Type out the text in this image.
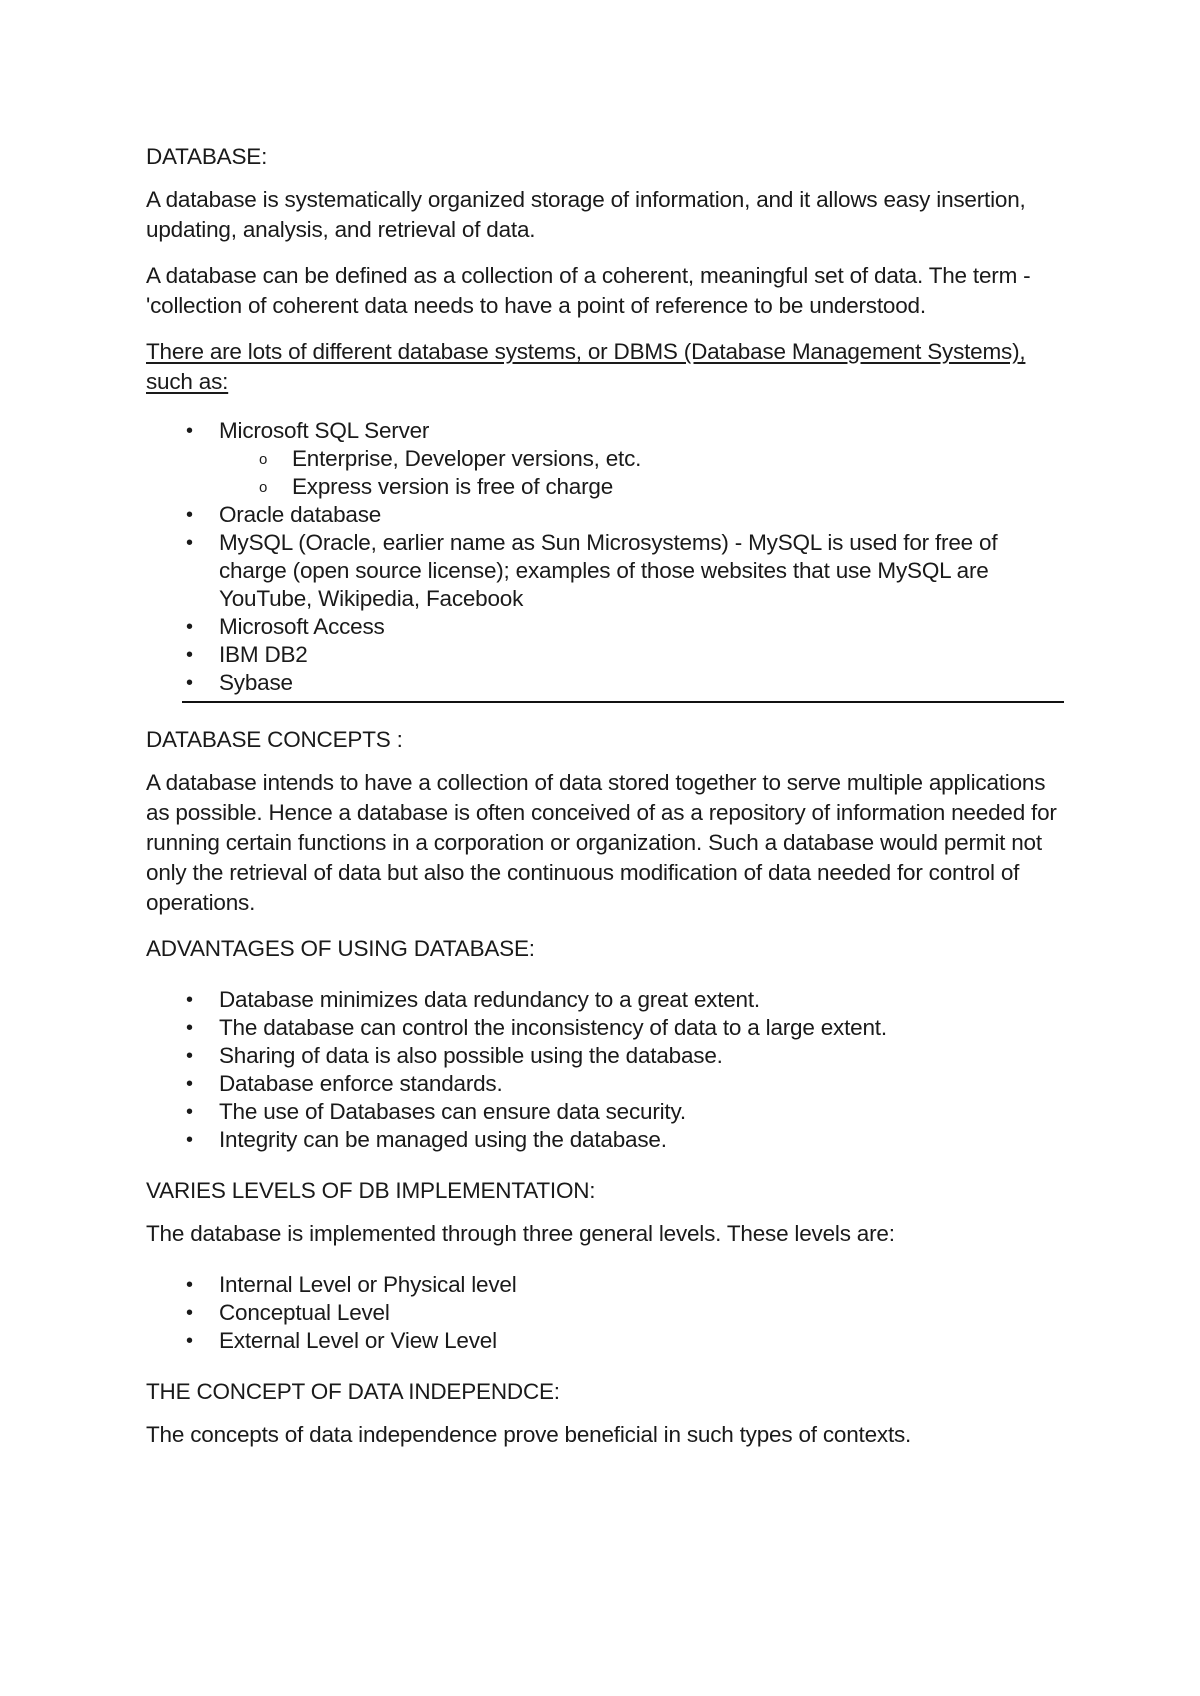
DATABASE:
A database is systematically organized storage of information, and it allows easy insertion, updating, analysis, and retrieval of data.
A database can be defined as a collection of a coherent, meaningful set of data. The term - 'collection of coherent data needs to have a point of reference to be understood.
There are lots of different database systems, or DBMS (Database Management Systems), such as:
• Microsoft SQL Server
o Enterprise, Developer versions, etc.
o Express version is free of charge
• Oracle database
• MySQL (Oracle, earlier name as Sun Microsystems) - MySQL is used for free of charge (open source license); examples of those websites that use MySQL are YouTube, Wikipedia, Facebook
• Microsoft Access
• IBM DB2
• Sybase
DATABASE CONCEPTS :
A database intends to have a collection of data stored together to serve multiple applications as possible. Hence a database is often conceived of as a repository of information needed for running certain functions in a corporation or organization. Such a database would permit not only the retrieval of data but also the continuous modification of data needed for control of operations.
ADVANTAGES OF USING DATABASE:
• Database minimizes data redundancy to a great extent.
• The database can control the inconsistency of data to a large extent.
• Sharing of data is also possible using the database.
• Database enforce standards.
• The use of Databases can ensure data security.
• Integrity can be managed using the database.
VARIES LEVELS OF DB IMPLEMENTATION:
The database is implemented through three general levels. These levels are:
• Internal Level or Physical level
• Conceptual Level
• External Level or View Level
THE CONCEPT OF DATA INDEPENDCE:
The concepts of data independence prove beneficial in such types of contexts.
